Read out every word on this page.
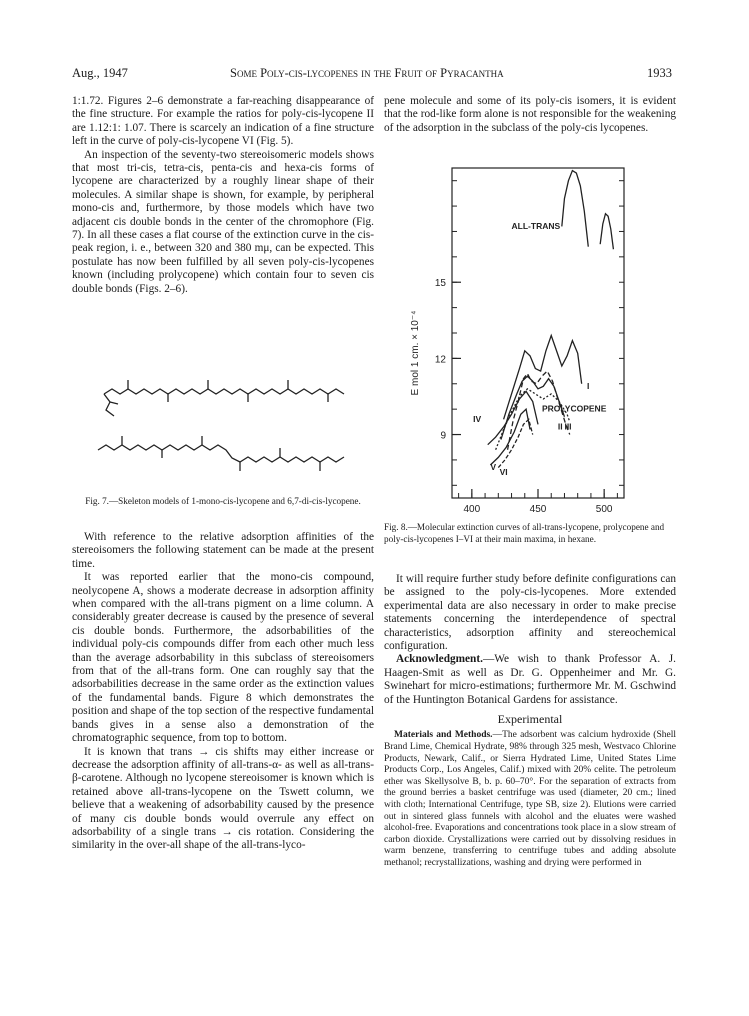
Aug., 1947	Some Poly-cis-lycopenes in the Fruit of Pyracantha	1933

1:1.72. Figures 2–6 demonstrate a far-reaching disappearance of the fine structure. For example the ratios for poly-cis-lycopene II are 1.12:1: 1.07. There is scarcely an indication of a fine structure left in the curve of poly-cis-lycopene VI (Fig. 5).

An inspection of the seventy-two stereoisomeric models shows that most tri-cis, tetra-cis, penta-cis and hexa-cis forms of lycopene are characterized by a roughly linear shape of their molecules. A similar shape is shown, for example, by peripheral mono-cis and, furthermore, by those models which have two adjacent cis double bonds in the center of the chromophore (Fig. 7). In all these cases a flat course of the extinction curve in the cis-peak region, i. e., between 320 and 380 mμ, can be expected. This postulate has now been fulfilled by all seven poly-cis-lycopenes known (including prolycopene) which contain four to seven cis double bonds (Figs. 2–6).

Fig. 7.—Skeleton models of 1-mono-cis-lycopene and 6,7-di-cis-lycopene.

With reference to the relative adsorption affinities of the stereoisomers the following statement can be made at the present time.

It was reported earlier that the mono-cis compound, neolycopene A, shows a moderate decrease in adsorption affinity when compared with the all-trans pigment on a lime column. A considerably greater decrease is caused by the presence of several cis double bonds. Furthermore, the adsorbabilities of the individual poly-cis compounds differ from each other much less than the average adsorbability in this subclass of stereoisomers from that of the all-trans form. One can roughly say that the adsorbabilities decrease in the same order as the extinction values of the fundamental bands. Figure 8 which demonstrates the position and shape of the top section of the respective fundamental bands gives in a sense also a demonstration of the chromatographic sequence, from top to bottom.

It is known that trans → cis shifts may either increase or decrease the adsorption affinity of all-trans-α- as well as all-trans-β-carotene. Although no lycopene stereoisomer is known which is retained above all-trans-lycopene on the Tswett column, we believe that a weakening of adsorbability caused by the presence of many cis double bonds would overrule any effect on adsorbability of a single trans → cis rotation. Considering the similarity in the over-all shape of the all-trans-lyco-

pene molecule and some of its poly-cis isomers, it is evident that the rod-like form alone is not responsible for the weakening of the adsorption in the subclass of the poly-cis lycopenes.

9
12
15
400	450	500
E mol 1 cm. × 10⁻⁴
ALL-TRANS
PROLYCOPENE
I
II III
IV
V
VI
Fig. 8.—Molecular extinction curves of all-trans-lycopene, prolycopene and poly-cis-lycopenes I–VI at their main maxima, in hexane.

It will require further study before definite configurations can be assigned to the poly-cis-lycopenes. More extended experimental data are also necessary in order to make precise statements concerning the interdependence of spectral characteristics, adsorption affinity and stereochemical configuration.

Acknowledgment.—We wish to thank Professor A. J. Haagen-Smit as well as Dr. G. Oppenheimer and Mr. G. Swinehart for micro-estimations; furthermore Mr. M. Gschwind of the Huntington Botanical Gardens for assistance.

Experimental

Materials and Methods.—The adsorbent was calcium hydroxide (Shell Brand Lime, Chemical Hydrate, 98% through 325 mesh, Westvaco Chlorine Products, Newark, Calif., or Sierra Hydrated Lime, United States Lime Products Corp., Los Angeles, Calif.) mixed with 20% celite. The petroleum ether was Skellysolve B, b. p. 60–70°. For the separation of extracts from the ground berries a basket centrifuge was used (diameter, 20 cm.; lined with cloth; International Centrifuge, type SB, size 2). Elutions were carried out in sintered glass funnels with alcohol and the eluates were washed alcohol-free. Evaporations and concentrations took place in a slow stream of carbon dioxide. Crystallizations were carried out by dissolving residues in warm benzene, transferring to centrifuge tubes and adding absolute methanol; recrystallizations, washing and drying were performed in
